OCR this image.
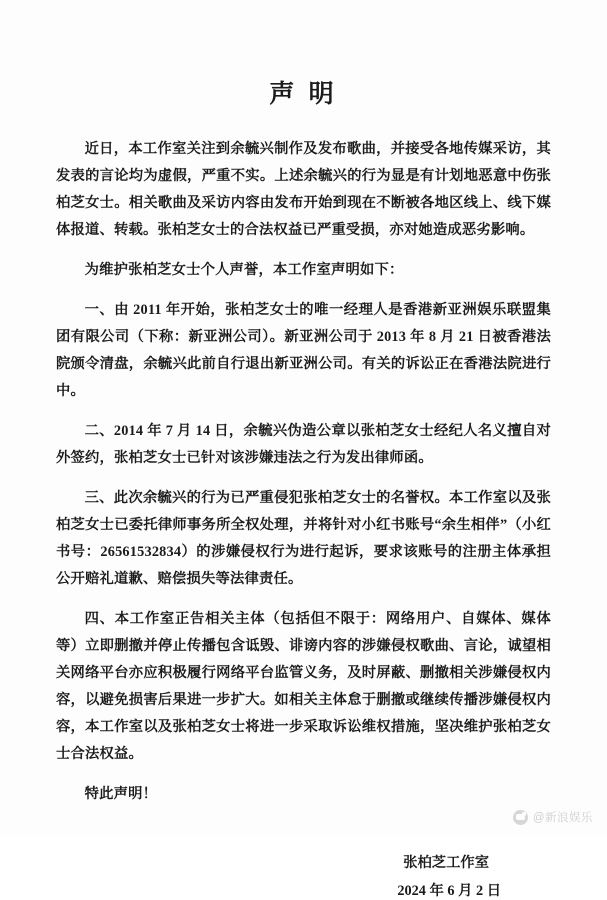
声 明

近日，本工作室关注到余毓兴制作及发布歌曲，并接受各地传媒采访，其发表的言论均为虚假，严重不实。上述余毓兴的行为显是有计划地恶意中伤张柏芝女士。相关歌曲及采访内容由发布开始到现在不断被各地区线上、线下媒体报道、转载。张柏芝女士的合法权益已严重受损，亦对她造成恶劣影响。

为维护张柏芝女士个人声誉，本工作室声明如下：

一、由 2011 年开始，张柏芝女士的唯一经理人是香港新亚洲娱乐联盟集团有限公司（下称：新亚洲公司）。新亚洲公司于 2013 年 8 月 21 日被香港法院颁令清盘，余毓兴此前自行退出新亚洲公司。有关的诉讼正在香港法院进行中。

二、2014 年 7 月 14 日，余毓兴伪造公章以张柏芝女士经纪人名义擅自对外签约，张柏芝女士已针对该涉嫌违法之行为发出律师函。

三、此次余毓兴的行为已严重侵犯张柏芝女士的名誉权。本工作室以及张柏芝女士已委托律师事务所全权处理，并将针对小红书账号“余生相伴”（小红书号：26561532834）的涉嫌侵权行为进行起诉，要求该账号的注册主体承担公开赔礼道歉、赔偿损失等法律责任。

四、本工作室正告相关主体（包括但不限于：网络用户、自媒体、媒体等）立即删撤并停止传播包含诋毁、诽谤内容的涉嫌侵权歌曲、言论，诚望相关网络平台亦应积极履行网络平台监管义务，及时屏蔽、删撤相关涉嫌侵权内容，以避免损害后果进一步扩大。如相关主体怠于删撤或继续传播涉嫌侵权内容，本工作室以及张柏芝女士将进一步采取诉讼维权措施，坚决维护张柏芝女士合法权益。

特此声明！

张柏芝工作室
2024 年 6 月 2 日
@新浪娱乐
